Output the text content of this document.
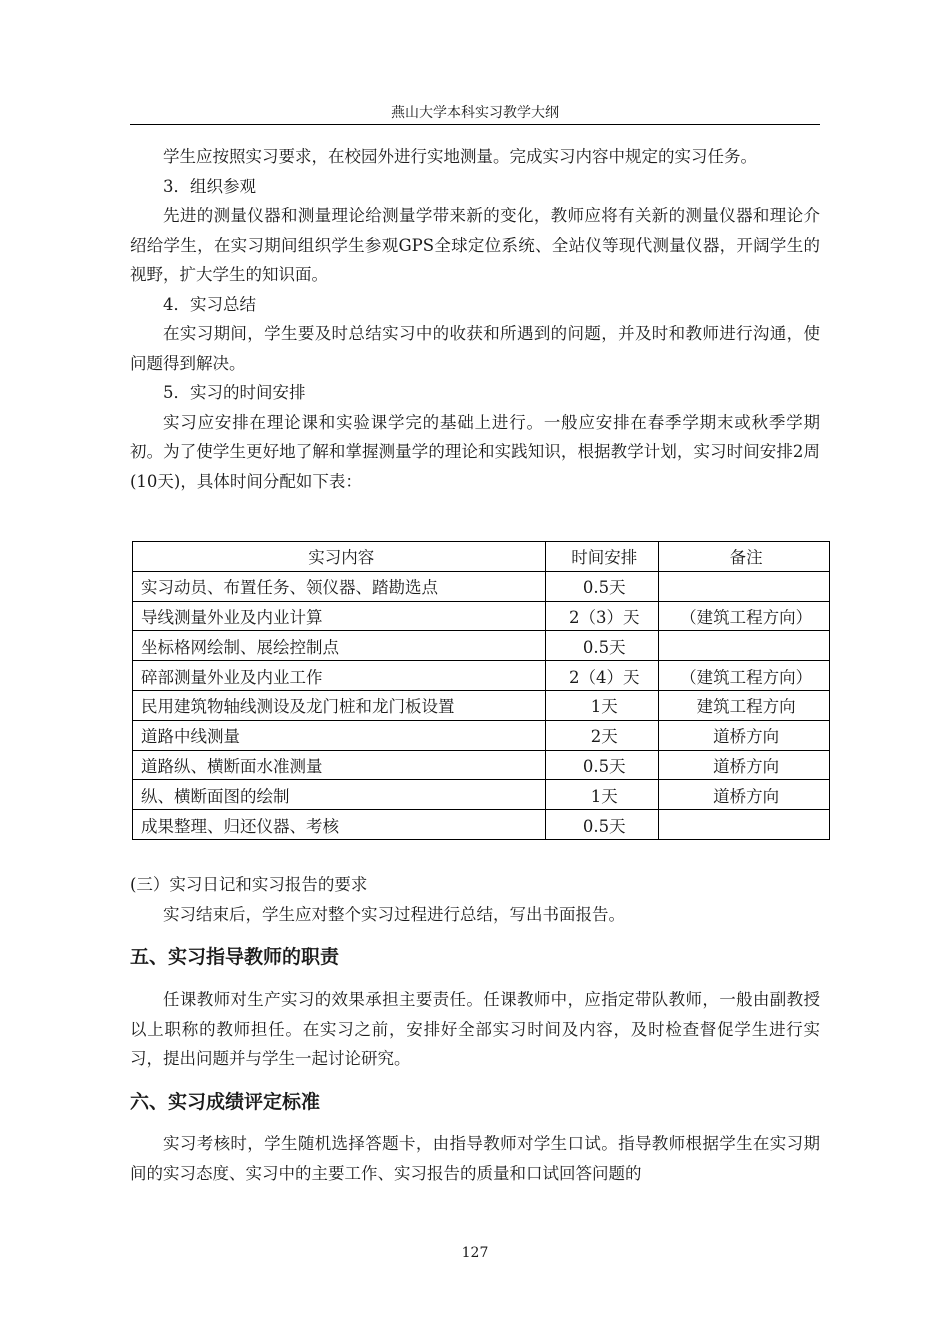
燕山大学本科实习教学大纲

学生应按照实习要求，在校园外进行实地测量。完成实习内容中规定的实习任务。

3．组织参观

先进的测量仪器和测量理论给测量学带来新的变化，教师应将有关新的测量仪器和理论介绍给学生，在实习期间组织学生参观GPS全球定位系统、全站仪等现代测量仪器，开阔学生的视野，扩大学生的知识面。

4．实习总结

在实习期间，学生要及时总结实习中的收获和所遇到的问题，并及时和教师进行沟通，使问题得到解决。

5．实习的时间安排

实习应安排在理论课和实验课学完的基础上进行。一般应安排在春季学期末或秋季学期初。为了使学生更好地了解和掌握测量学的理论和实践知识，根据教学计划，实习时间安排2周(10天)，具体时间分配如下表：

实习内容	时间安排	备注
实习动员、布置任务、领仪器、踏勘选点	0.5天	
导线测量外业及内业计算	2（3）天	（建筑工程方向）
坐标格网绘制、展绘控制点	0.5天	
碎部测量外业及内业工作	2（4）天	（建筑工程方向）
民用建筑物轴线测设及龙门桩和龙门板设置	1天	建筑工程方向
道路中线测量	2天	道桥方向
道路纵、横断面水准测量	0.5天	道桥方向
纵、横断面图的绘制	1天	道桥方向
成果整理、归还仪器、考核	0.5天	

(三）实习日记和实习报告的要求

实习结束后，学生应对整个实习过程进行总结，写出书面报告。

五、实习指导教师的职责

任课教师对生产实习的效果承担主要责任。任课教师中，应指定带队教师，一般由副教授以上职称的教师担任。在实习之前，安排好全部实习时间及内容，及时检查督促学生进行实习，提出问题并与学生一起讨论研究。

六、实习成绩评定标准

实习考核时，学生随机选择答题卡，由指导教师对学生口试。指导教师根据学生在实习期间的实习态度、实习中的主要工作、实习报告的质量和口试回答问题的

127
